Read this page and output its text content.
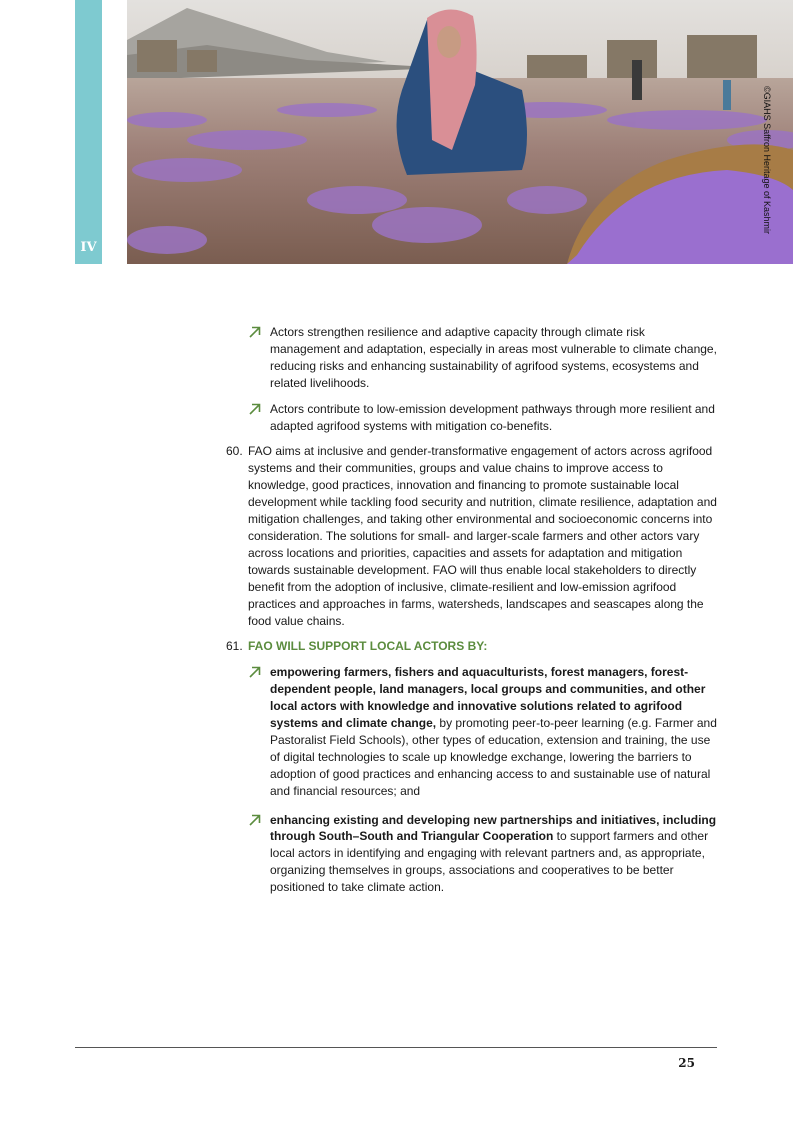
IV
©GIAHS Saffron Heritage of Kashmir
Actors strengthen resilience and adaptive capacity through climate risk management and adaptation, especially in areas most vulnerable to climate change, reducing risks and enhancing sustainability of agrifood systems, ecosystems and related livelihoods.
Actors contribute to low-emission development pathways through more resilient and adapted agrifood systems with mitigation co-benefits.
60. FAO aims at inclusive and gender-transformative engagement of actors across agrifood systems and their communities, groups and value chains to improve access to knowledge, good practices, innovation and financing to promote sustainable local development while tackling food security and nutrition, climate resilience, adaptation and mitigation challenges, and taking other environmental and socioeconomic concerns into consideration. The solutions for small- and larger-scale farmers and other actors vary across locations and priorities, capacities and assets for adaptation and mitigation towards sustainable development. FAO will thus enable local stakeholders to directly benefit from the adoption of inclusive, climate-resilient and low-emission agrifood practices and approaches in farms, watersheds, landscapes and seascapes along the food value chains.
61. FAO WILL SUPPORT LOCAL ACTORS BY:
empowering farmers, fishers and aquaculturists, forest managers, forest-dependent people, land managers, local groups and communities, and other local actors with knowledge and innovative solutions related to agrifood systems and climate change, by promoting peer-to-peer learning (e.g. Farmer and Pastoralist Field Schools), other types of education, extension and training, the use of digital technologies to scale up knowledge exchange, lowering the barriers to adoption of good practices and enhancing access to and sustainable use of natural and financial resources; and
enhancing existing and developing new partnerships and initiatives, including through South–South and Triangular Cooperation to support farmers and other local actors in identifying and engaging with relevant partners and, as appropriate, organizing themselves in groups, associations and cooperatives to be better positioned to take climate action.
25
